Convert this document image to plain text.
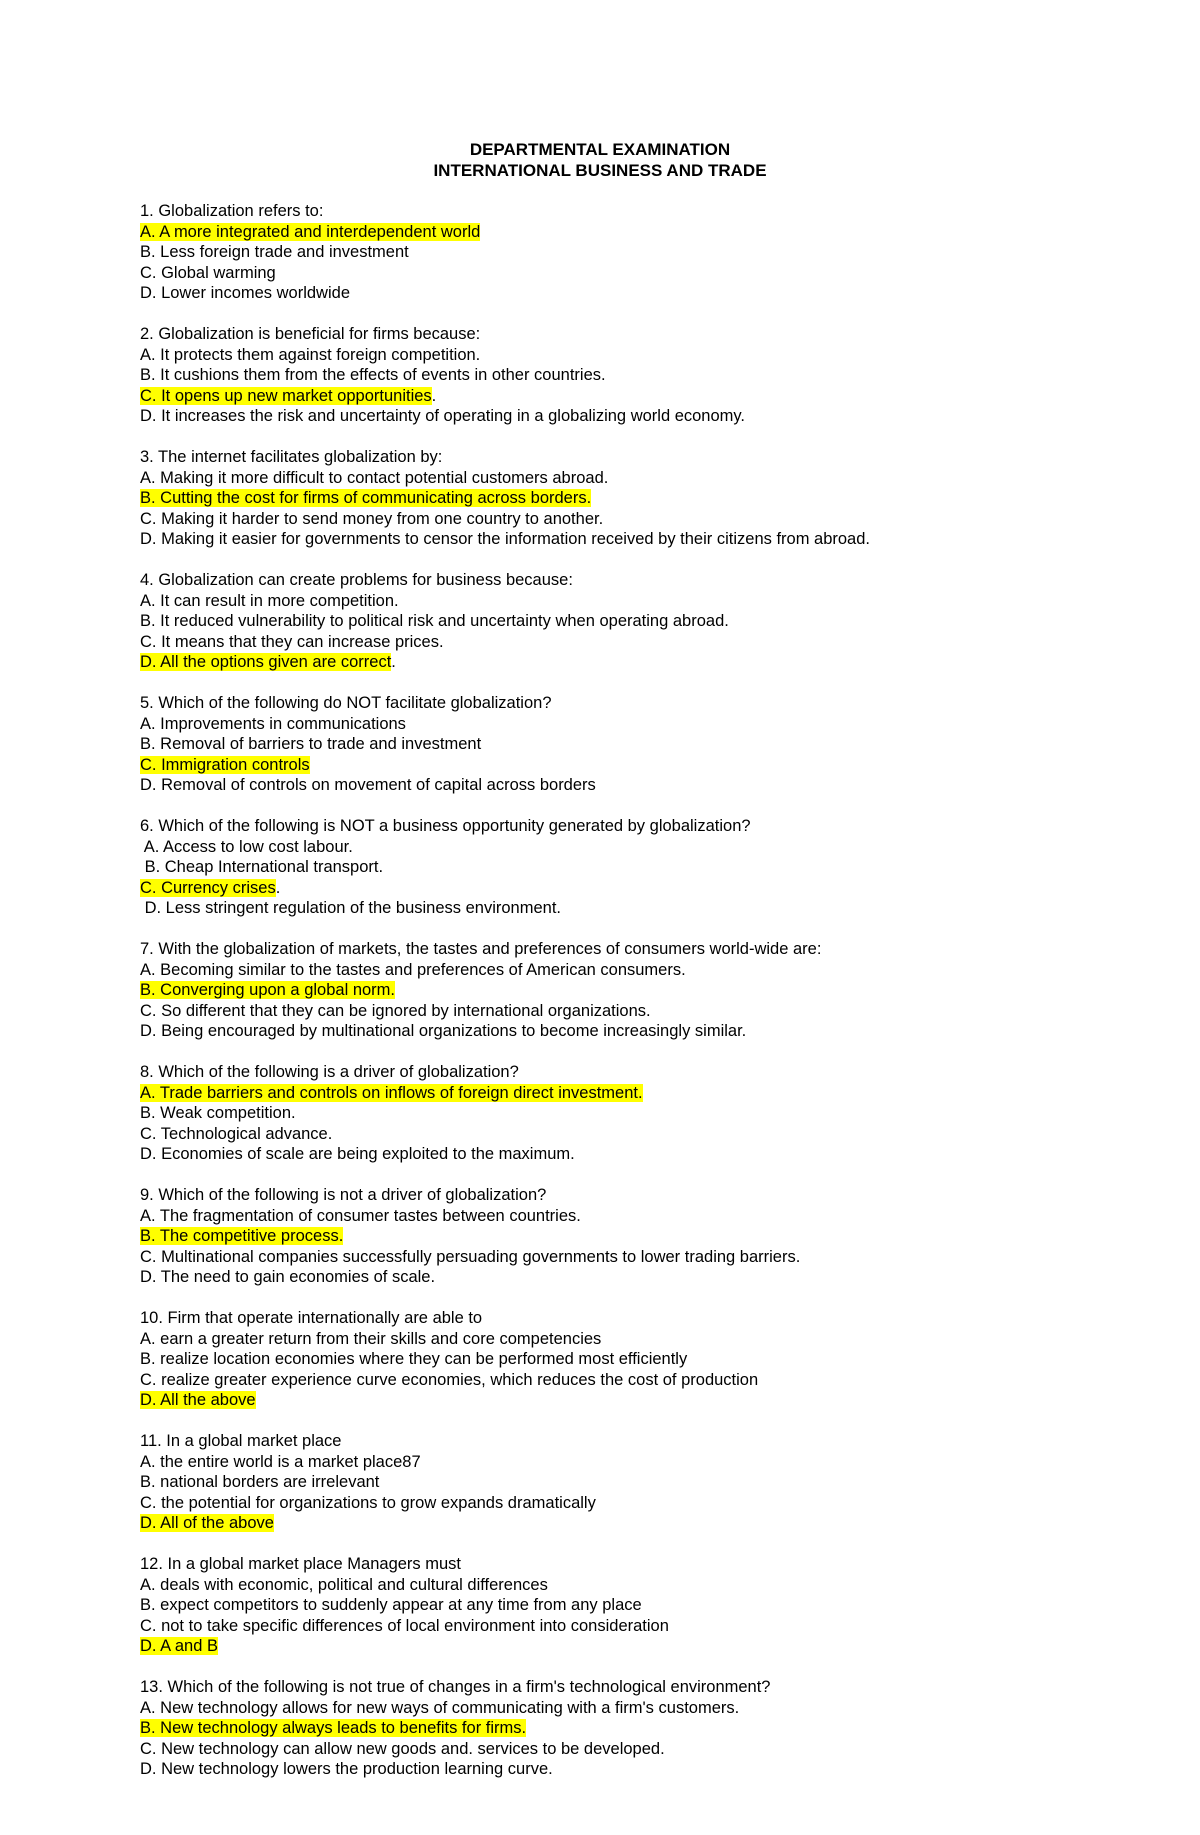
DEPARTMENTAL EXAMINATION
INTERNATIONAL BUSINESS AND TRADE
1. Globalization refers to:
A. A more integrated and interdependent world
B. Less foreign trade and investment
C. Global warming
D. Lower incomes worldwide
2. Globalization is beneficial for firms because:
A. It protects them against foreign competition.
B. It cushions them from the effects of events in other countries.
C. It opens up new market opportunities.
D. It increases the risk and uncertainty of operating in a globalizing world economy.
3. The internet facilitates globalization by:
A. Making it more difficult to contact potential customers abroad.
B. Cutting the cost for firms of communicating across borders.
C. Making it harder to send money from one country to another.
D. Making it easier for governments to censor the information received by their citizens from abroad.
4. Globalization can create problems for business because:
A. It can result in more competition.
B. It reduced vulnerability to political risk and uncertainty when operating abroad.
C. It means that they can increase prices.
D. All the options given are correct.
5. Which of the following do NOT facilitate globalization?
A. Improvements in communications
B. Removal of barriers to trade and investment
C. Immigration controls
D. Removal of controls on movement of capital across borders
6. Which of the following is NOT a business opportunity generated by globalization?
A. Access to low cost labour.
B. Cheap International transport.
C. Currency crises.
D. Less stringent regulation of the business environment.
7. With the globalization of markets, the tastes and preferences of consumers world-wide are:
A. Becoming similar to the tastes and preferences of American consumers.
B. Converging upon a global norm.
C. So different that they can be ignored by international organizations.
D. Being encouraged by multinational organizations to become increasingly similar.
8. Which of the following is a driver of globalization?
A. Trade barriers and controls on inflows of foreign direct investment.
B. Weak competition.
C. Technological advance.
D. Economies of scale are being exploited to the maximum.
9. Which of the following is not a driver of globalization?
A. The fragmentation of consumer tastes between countries.
B. The competitive process.
C. Multinational companies successfully persuading governments to lower trading barriers.
D. The need to gain economies of scale.
10. Firm that operate internationally are able to
A. earn a greater return from their skills and core competencies
B. realize location economies where they can be performed most efficiently
C. realize greater experience curve economies, which reduces the cost of production
D. All the above
11. In a global market place
A. the entire world is a market place87
B. national borders are irrelevant
C. the potential for organizations to grow expands dramatically
D. All of the above
12. In a global market place Managers must
A. deals with economic, political and cultural differences
B. expect competitors to suddenly appear at any time from any place
C. not to take specific differences of local environment into consideration
D. A and B
13. Which of the following is not true of changes in a firm's technological environment?
A. New technology allows for new ways of communicating with a firm's customers.
B. New technology always leads to benefits for firms.
C. New technology can allow new goods and. services to be developed.
D. New technology lowers the production learning curve.
